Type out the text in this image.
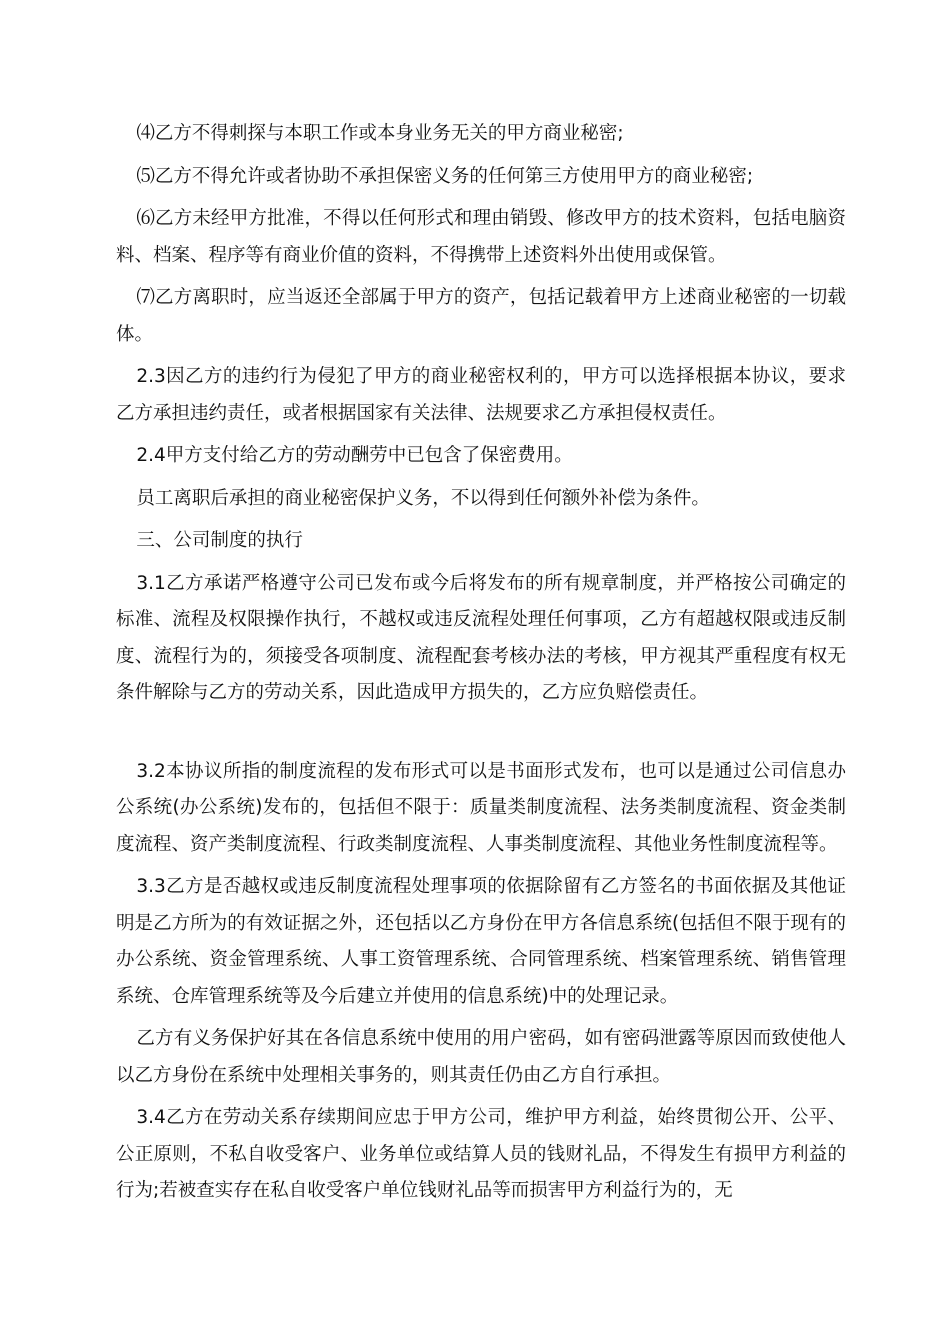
⑷乙方不得刺探与本职工作或本身业务无关的甲方商业秘密;

⑸乙方不得允许或者协助不承担保密义务的任何第三方使用甲方的商业秘密;

⑹乙方未经甲方批准，不得以任何形式和理由销毁、修改甲方的技术资料，包括电脑资料、档案、程序等有商业价值的资料，不得携带上述资料外出使用或保管。

⑺乙方离职时，应当返还全部属于甲方的资产，包括记载着甲方上述商业秘密的一切载体。

2.3因乙方的违约行为侵犯了甲方的商业秘密权利的，甲方可以选择根据本协议，要求乙方承担违约责任，或者根据国家有关法律、法规要求乙方承担侵权责任。

2.4甲方支付给乙方的劳动酬劳中已包含了保密费用。

员工离职后承担的商业秘密保护义务，不以得到任何额外补偿为条件。

三、公司制度的执行

3.1乙方承诺严格遵守公司已发布或今后将发布的所有规章制度，并严格按公司确定的标准、流程及权限操作执行，不越权或违反流程处理任何事项，乙方有超越权限或违反制度、流程行为的，须接受各项制度、流程配套考核办法的考核，甲方视其严重程度有权无条件解除与乙方的劳动关系，因此造成甲方损失的，乙方应负赔偿责任。

3.2本协议所指的制度流程的发布形式可以是书面形式发布，也可以是通过公司信息办公系统(办公系统)发布的，包括但不限于：质量类制度流程、法务类制度流程、资金类制度流程、资产类制度流程、行政类制度流程、人事类制度流程、其他业务性制度流程等。

3.3乙方是否越权或违反制度流程处理事项的依据除留有乙方签名的书面依据及其他证明是乙方所为的有效证据之外，还包括以乙方身份在甲方各信息系统(包括但不限于现有的办公系统、资金管理系统、人事工资管理系统、合同管理系统、档案管理系统、销售管理系统、仓库管理系统等及今后建立并使用的信息系统)中的处理记录。

乙方有义务保护好其在各信息系统中使用的用户密码，如有密码泄露等原因而致使他人以乙方身份在系统中处理相关事务的，则其责任仍由乙方自行承担。

3.4乙方在劳动关系存续期间应忠于甲方公司，维护甲方利益，始终贯彻公开、公平、公正原则，不私自收受客户、业务单位或结算人员的钱财礼品，不得发生有损甲方利益的行为;若被查实存在私自收受客户单位钱财礼品等而损害甲方利益行为的，无
